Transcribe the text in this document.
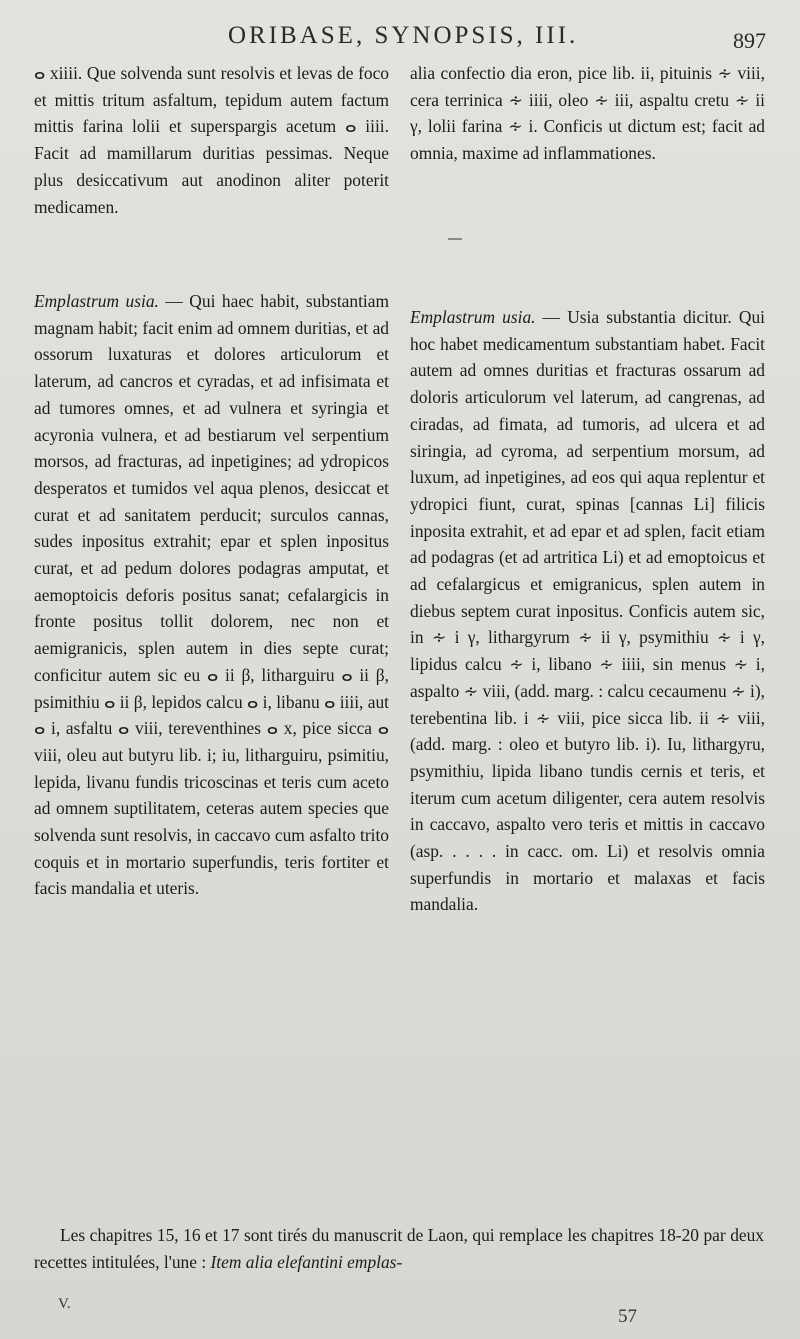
ORIBASE, SYNOPSIS, III.	897

ⴰ xiiii. Que solvenda sunt resolvis et levas de foco et mittis tritum asfaltum, tepidum autem factum mittis farina lolii et superspargis acetum ⴰ iiii. Facit ad mamillarum duritias pessimas. Neque plus desiccativum aut anodinon aliter poterit medicamen.

Emplastrum usia. — Qui haec habit, substantiam magnam habit; facit enim ad omnem duritias, et ad ossorum luxaturas et dolores articulorum et laterum, ad cancros et cyradas, et ad infisimata et ad tumores omnes, et ad vulnera et syringia et acyronia vulnera, et ad bestiarum vel serpentium morsos, ad fracturas, ad inpetigines; ad ydropicos desperatos et tumidos vel aqua plenos, desiccat et curat et ad sanitatem perducit; surculos cannas, sudes inpositus extrahit; epar et splen inpositus curat, et ad pedum dolores podagras amputat, et aemoptoicis deforis positus sanat; cefalargicis in fronte positus tollit dolorem, nec non et aemigranicis, splen autem in dies septe curat; conficitur autem sic eu ⴰ ii β, litharguiru ⴰ ii β, psimithiu ⴰ ii β, lepidos calcu ⴰ i, libanu ⴰ iiii, aut ⴰ i, asfaltu ⴰ viii, tereventhines ⴰ x, pice sicca ⴰ viii, oleu aut butyru lib. i; iu, litharguiru, psimitiu, lepida, livanu fundis tricoscinas et teris cum aceto ad omnem suptilitatem, ceteras autem species que solvenda sunt resolvis, in caccavo cum asfalto trito coquis et in mortario superfundis, teris fortiter et facis mandalia et uteris.

alia confectio dia eron, pice lib. ii, pituinis ∻ viii, cera terrinica ∻ iiii, oleo ∻ iii, aspaltu cretu ∻ ii γ, lolii farina ∻ i. Conficis ut dictum est; facit ad omnia, maxime ad inflammationes.

Emplastrum usia. — Usia substantia dicitur. Qui hoc habet medicamentum substantiam habet. Facit autem ad omnes duritias et fracturas ossarum ad doloris articulorum vel laterum, ad cangrenas, ad ciradas, ad fimata, ad tumoris, ad ulcera et ad siringia, ad cyroma, ad serpentium morsum, ad luxum, ad inpetigines, ad eos qui aqua replentur et ydropici fiunt, curat, spinas [cannas Li] filicis inposita extrahit, et ad epar et ad splen, facit etiam ad podagras (et ad artritica Li) et ad emoptoicus et ad cefalargicus et emigranicus, splen autem in diebus septem curat inpositus. Conficis autem sic, in ∻ i γ, lithargyrum ∻ ii γ, psymithiu ∻ i γ, lipidus calcu ∻ i, libano ∻ iiii, sin menus ∻ i, aspalto ∻ viii, (add. marg. : calcu cecaumenu ∻ i), terebentina lib. i ∻ viii, pice sicca lib. ii ∻ viii, (add. marg. : oleo et butyro lib. i). Iu, lithargyru, psymithiu, lipida libano tundis cernis et teris, et iterum cum acetum diligenter, cera autem resolvis in caccavo, aspalto vero teris et mittis in caccavo (asp. . . . . in cacc. om. Li) et resolvis omnia superfundis in mortario et malaxas et facis mandalia.

Les chapitres 15, 16 et 17 sont tirés du manuscrit de Laon, qui remplace les chapitres 18-20 par deux recettes intitulées, l'une : Item alia elefantini emplas-
V.
57
